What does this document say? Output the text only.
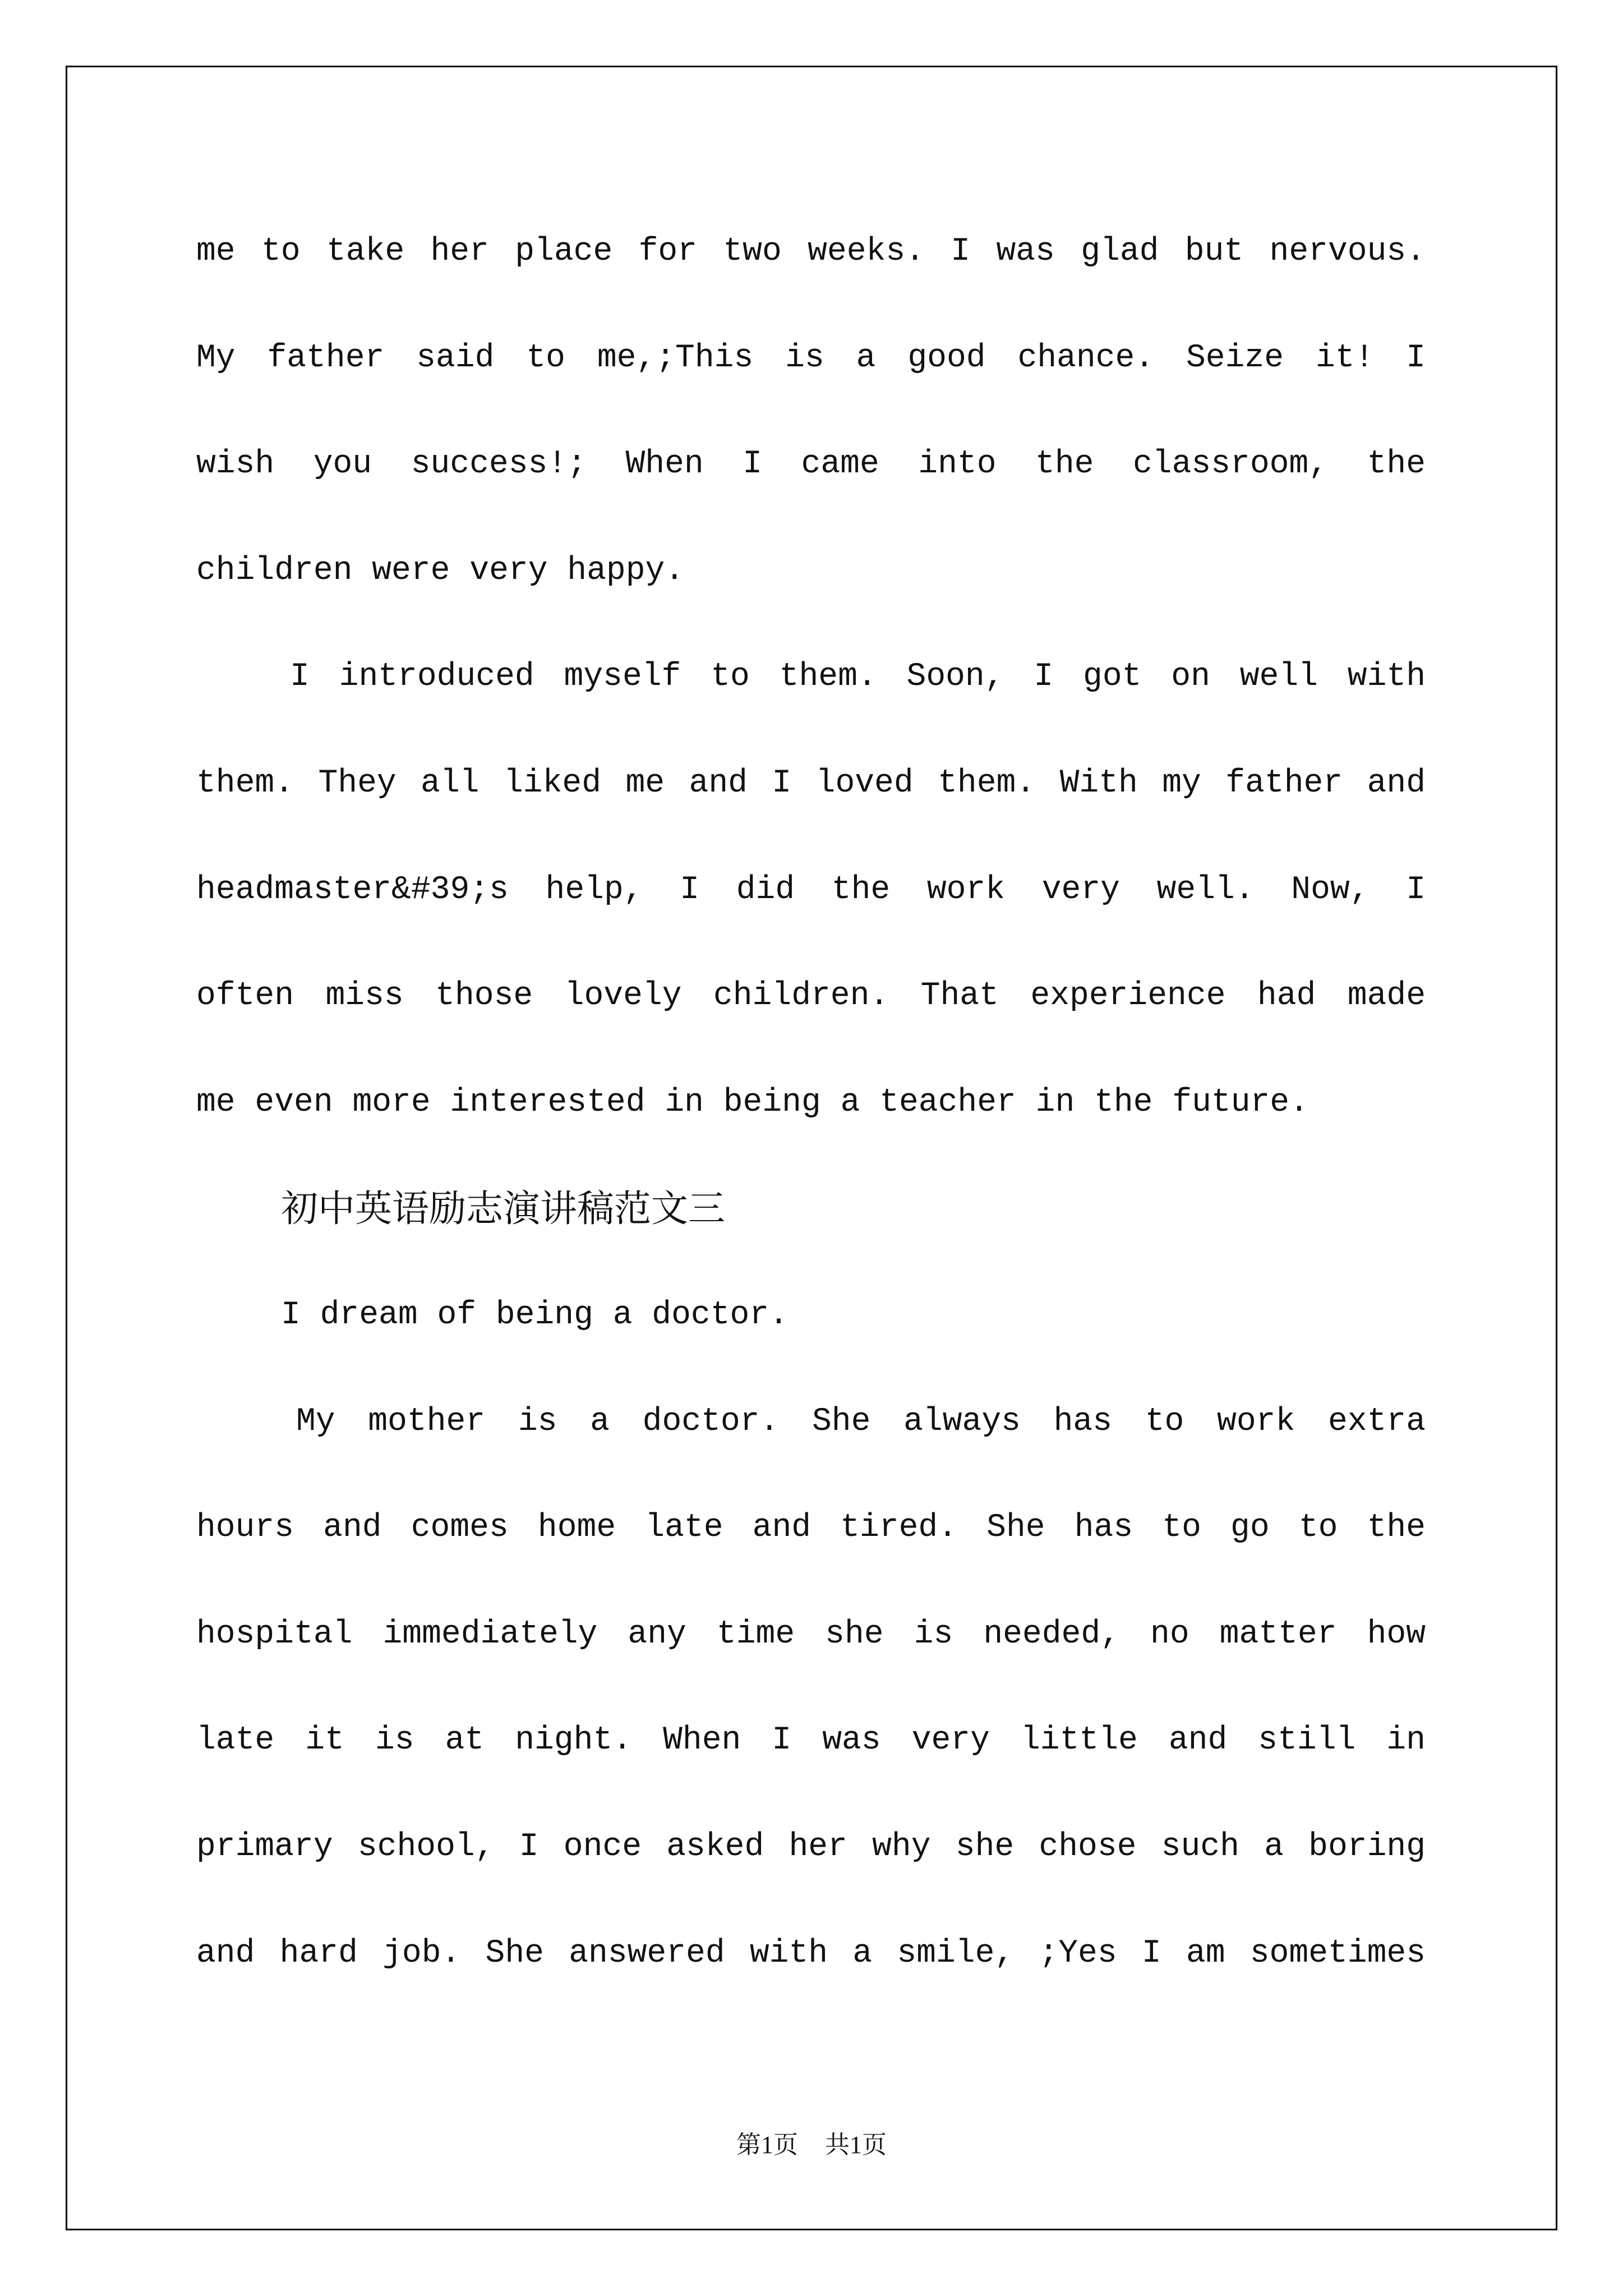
me to take her place for two weeks. I was glad but nervous.
My father said to me,;This is a good chance. Seize it! I
wish you success!; When I came into the classroom, the
children were very happy.
I introduced myself to them. Soon, I got on well with
them. They all liked me and I loved them. With my father and
headmaster&#39;s help, I did the work very well. Now, I
often miss those lovely children. That experience had made
me even more interested in being a teacher in the future.
初中英语励志演讲稿范文三
I dream of being a doctor.
My mother is a doctor. She always has to work extra
hours and comes home late and tired. She has to go to the
hospital immediately any time she is needed, no matter how
late it is at night. When I was very little and still in
primary school, I once asked her why she chose such a boring
and hard job. She answered with a smile, ;Yes I am sometimes
第1页 共1页
